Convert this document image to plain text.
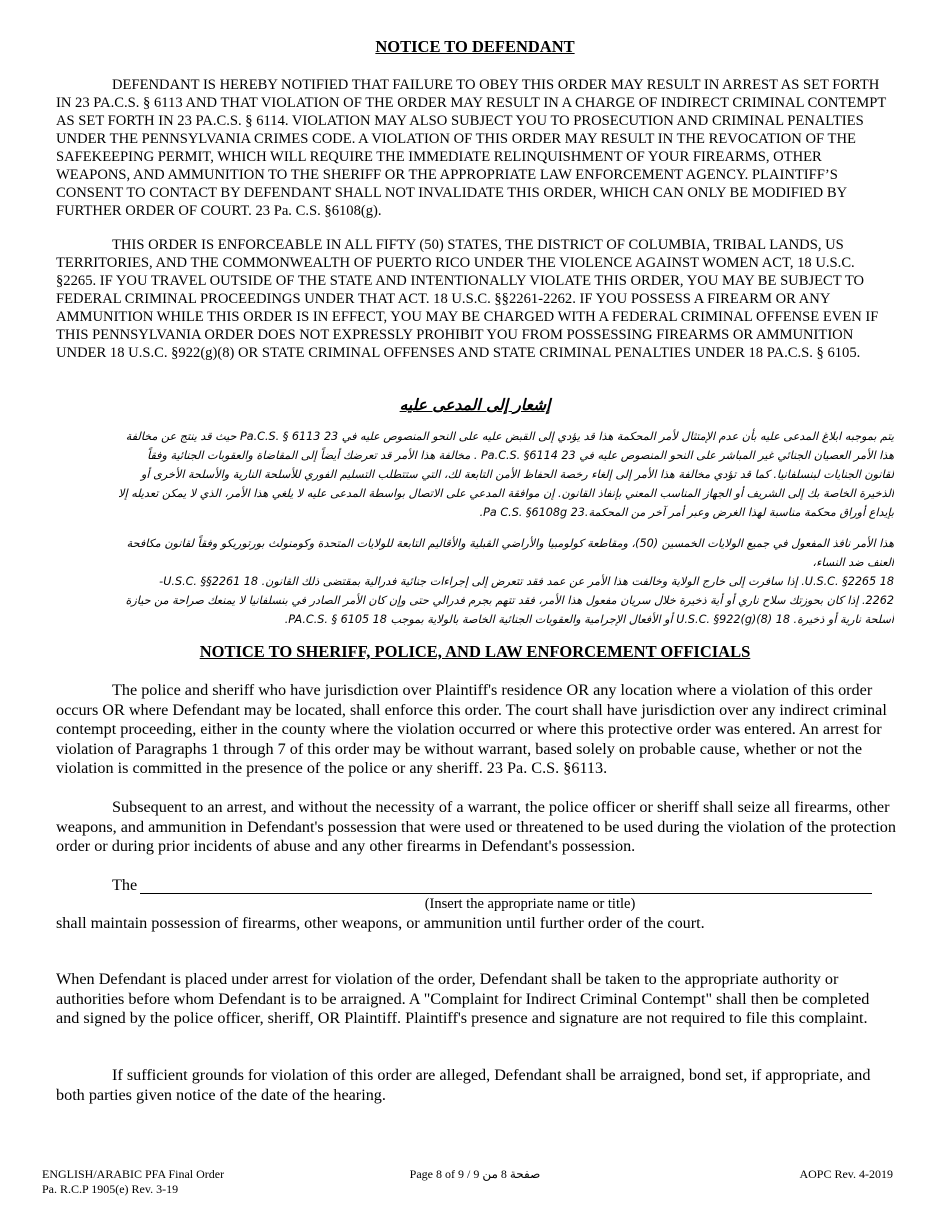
NOTICE TO DEFENDANT
DEFENDANT IS HEREBY NOTIFIED THAT FAILURE TO OBEY THIS ORDER MAY RESULT IN ARREST AS SET FORTH IN 23 PA.C.S. § 6113 AND THAT VIOLATION OF THE ORDER MAY RESULT IN A CHARGE OF INDIRECT CRIMINAL CONTEMPT AS SET FORTH IN 23 PA.C.S. § 6114. VIOLATION MAY ALSO SUBJECT YOU TO PROSECUTION AND CRIMINAL PENALTIES UNDER THE PENNSYLVANIA CRIMES CODE. A VIOLATION OF THIS ORDER MAY RESULT IN THE REVOCATION OF THE SAFEKEEPING PERMIT, WHICH WILL REQUIRE THE IMMEDIATE RELINQUISHMENT OF YOUR FIREARMS, OTHER WEAPONS, AND AMMUNITION TO THE SHERIFF OR THE APPROPRIATE LAW ENFORCEMENT AGENCY. PLAINTIFF’S CONSENT TO CONTACT BY DEFENDANT SHALL NOT INVALIDATE THIS ORDER, WHICH CAN ONLY BE MODIFIED BY FURTHER ORDER OF COURT. 23 Pa. C.S. §6108(g).
THIS ORDER IS ENFORCEABLE IN ALL FIFTY (50) STATES, THE DISTRICT OF COLUMBIA, TRIBAL LANDS, US TERRITORIES, AND THE COMMONWEALTH OF PUERTO RICO UNDER THE VIOLENCE AGAINST WOMEN ACT, 18 U.S.C. §2265. IF YOU TRAVEL OUTSIDE OF THE STATE AND INTENTIONALLY VIOLATE THIS ORDER, YOU MAY BE SUBJECT TO FEDERAL CRIMINAL PROCEEDINGS UNDER THAT ACT. 18 U.S.C. §§2261-2262. IF YOU POSSESS A FIREARM OR ANY AMMUNITION WHILE THIS ORDER IS IN EFFECT, YOU MAY BE CHARGED WITH A FEDERAL CRIMINAL OFFENSE EVEN IF THIS PENNSYLVANIA ORDER DOES NOT EXPRESSLY PROHIBIT YOU FROM POSSESSING FIREARMS OR AMMUNITION UNDER 18 U.S.C. §922(g)(8) OR STATE CRIMINAL OFFENSES AND STATE CRIMINAL PENALTIES UNDER 18 PA.C.S. § 6105.
إشعار إلى المدعى عليه
يتم بموجبه ابلاغ المدعى عليه بأن عدم الإمتثال لأمر المحكمة هذا قد يؤدي إلى القبض عليه على النحو المنصوص عليه في 23 Pa.C.S. § 6113 حيث قد ينتج عن مخالفة
هذا الأمر العصيان الجنائي غير المباشر على النحو المنصوص عليه في 23 Pa.C.S. §6114 . مخالفة هذا الأمر قد تعرضك أيضاً إلى المقاضاة والعقوبات الجنائية وفقاً
لقانون الجنايات لبنسلفانيا. كما قد تؤدي مخالفة هذا الأمر إلى إلغاء رخصة الحفاظ الأمن التابعة لك، التي ستتطلب التسليم الفوري للأسلحة النارية والأسلحة الأخرى أو
الذخيرة الخاصة بك إلى الشريف أو الجهاز المناسب المعني بإنفاذ القانون. إن موافقة المدعي على الاتصال بواسطة المدعى عليه لا يلغي هذا الأمر، الذي لا يمكن تعديله إلا
بإيداع أوراق محكمة مناسبة لهذا الغرض وعبر أمر آخر من المحكمة.23 Pa C.S. §6108g.
هذا الأمر نافذ المفعول في جميع الولايات الخمسين (50)، ومقاطعة كولومبيا والأراضي القبلية والأقاليم التابعة للولايات المتحدة وكومنولث بورتوريكو وفقاً لقانون مكافحة
العنف ضد النساء،
18 U.S.C. §2265. إذا سافرت إلى خارج الولاية وخالفت هذا الأمر عن عمد فقد تتعرض إلى إجراءات جنائية فدرالية بمقتضى ذلك القانون. 18 U.S.C. §§2261-
2262. إذا كان بحوزتك سلاح ناري أو أية ذخيرة خلال سريان مفعول هذا الأمر، فقد تتهم بجرم فدرالي حتى وإن كان الأمر الصادر في بنسلفانيا لا يمنعك صراحة من حيازة
أسلحة نارية أو ذخيرة. 18 U.S.C. §922(g)(8) أو الأفعال الإجرامية والعقوبات الجنائية الخاصة بالولاية بموجب 18 PA.C.S. § 6105.
NOTICE TO SHERIFF, POLICE, AND LAW ENFORCEMENT OFFICIALS
The police and sheriff who have jurisdiction over Plaintiff's residence OR any location where a violation of this order occurs OR where Defendant may be located, shall enforce this order. The court shall have jurisdiction over any indirect criminal contempt proceeding, either in the county where the violation occurred or where this protective order was entered. An arrest for violation of Paragraphs 1 through 7 of this order may be without warrant, based solely on probable cause, whether or not the violation is committed in the presence of the police or any sheriff. 23 Pa. C.S. §6113.
Subsequent to an arrest, and without the necessity of a warrant, the police officer or sheriff shall seize all firearms, other weapons, and ammunition in Defendant's possession that were used or threatened to be used during the violation of the protection order or during prior incidents of abuse and any other firearms in Defendant's possession.
The
(Insert the appropriate name or title)
shall maintain possession of firearms, other weapons, or ammunition until further order of the court.
When Defendant is placed under arrest for violation of the order, Defendant shall be taken to the appropriate authority or authorities before whom Defendant is to be arraigned. A "Complaint for Indirect Criminal Contempt" shall then be completed and signed by the police officer, sheriff, OR Plaintiff. Plaintiff's presence and signature are not required to file this complaint.
If sufficient grounds for violation of this order are alleged, Defendant shall be arraigned, bond set, if appropriate, and both parties given notice of the date of the hearing.
ENGLISH/ARABIC PFA Final Order
Pa. R.C.P 1905(e) Rev. 3-19
Page 8 of 9 / 9 صفحة 8 من	AOPC Rev. 4-2019
